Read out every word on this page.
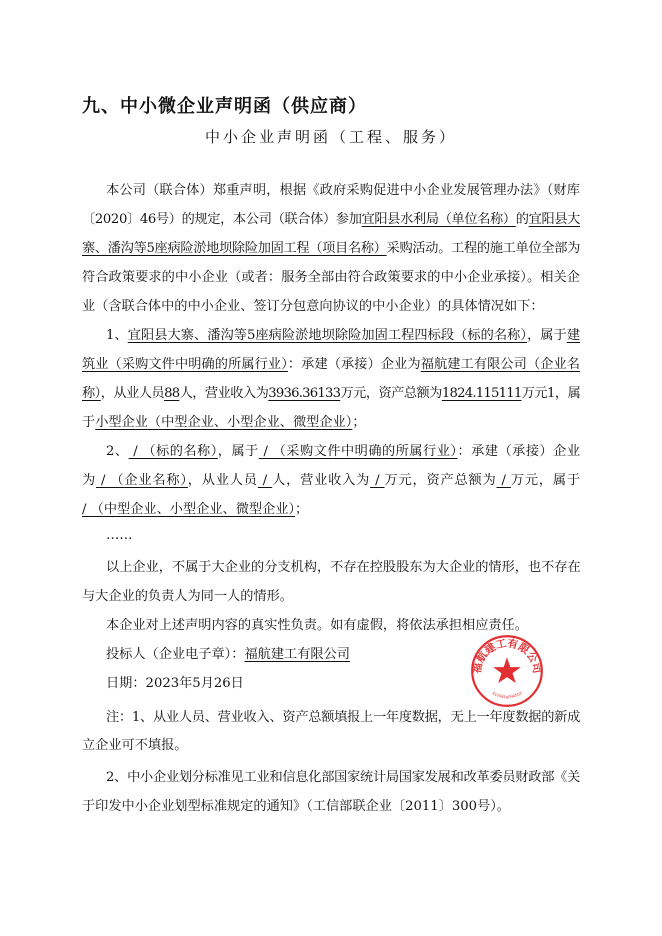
九、中小微企业声明函（供应商）
中小企业声明函（工程、服务）
本公司（联合体）郑重声明，根据《政府采购促进中小企业发展管理办法》（财库
〔2020〕46号）的规定，本公司（联合体）参加宜阳县水利局（单位名称）的宜阳县大
寨、潘沟等5座病险淤地坝除险加固工程（项目名称）采购活动。工程的施工单位全部为
符合政策要求的中小企业（或者：服务全部由符合政策要求的中小企业承接）。相关企
业（含联合体中的中小企业、签订分包意向协议的中小企业）的具体情况如下：
1、宜阳县大寨、潘沟等5座病险淤地坝除险加固工程四标段（标的名称），属于建
筑业（采购文件中明确的所属行业）：承建（承接）企业为福航建工有限公司（企业名
称），从业人员88人，营业收入为3936.36133万元，资产总额为1824.115111万元1，属
于小型企业（中型企业、小型企业、微型企业）；
2、 / （标的名称），属于 / （采购文件中明确的所属行业）：承建（承接）企业
为 / （企业名称），从业人员 / 人，营业收入为 / 万元，资产总额为 / 万元，属于
/ （中型企业、小型企业、微型企业）；
……
以上企业，不属于大企业的分支机构，不存在控股股东为大企业的情形，也不存在
与大企业的负责人为同一人的情形。
本企业对上述声明内容的真实性负责。如有虚假，将依法承担相应责任。
投标人（企业电子章）：福航建工有限公司
日期：2023年5月26日
注：1、从业人员、营业收入、资产总额填报上一年度数据，无上一年度数据的新成
立企业可不填报。
2、中小企业划分标准见工业和信息化部国家统计局国家发展和改革委员财政部《关
于印发中小企业划型标准规定的通知》（工信部联企业〔2011〕300号）。
福航建工有限公司
4105816094503
